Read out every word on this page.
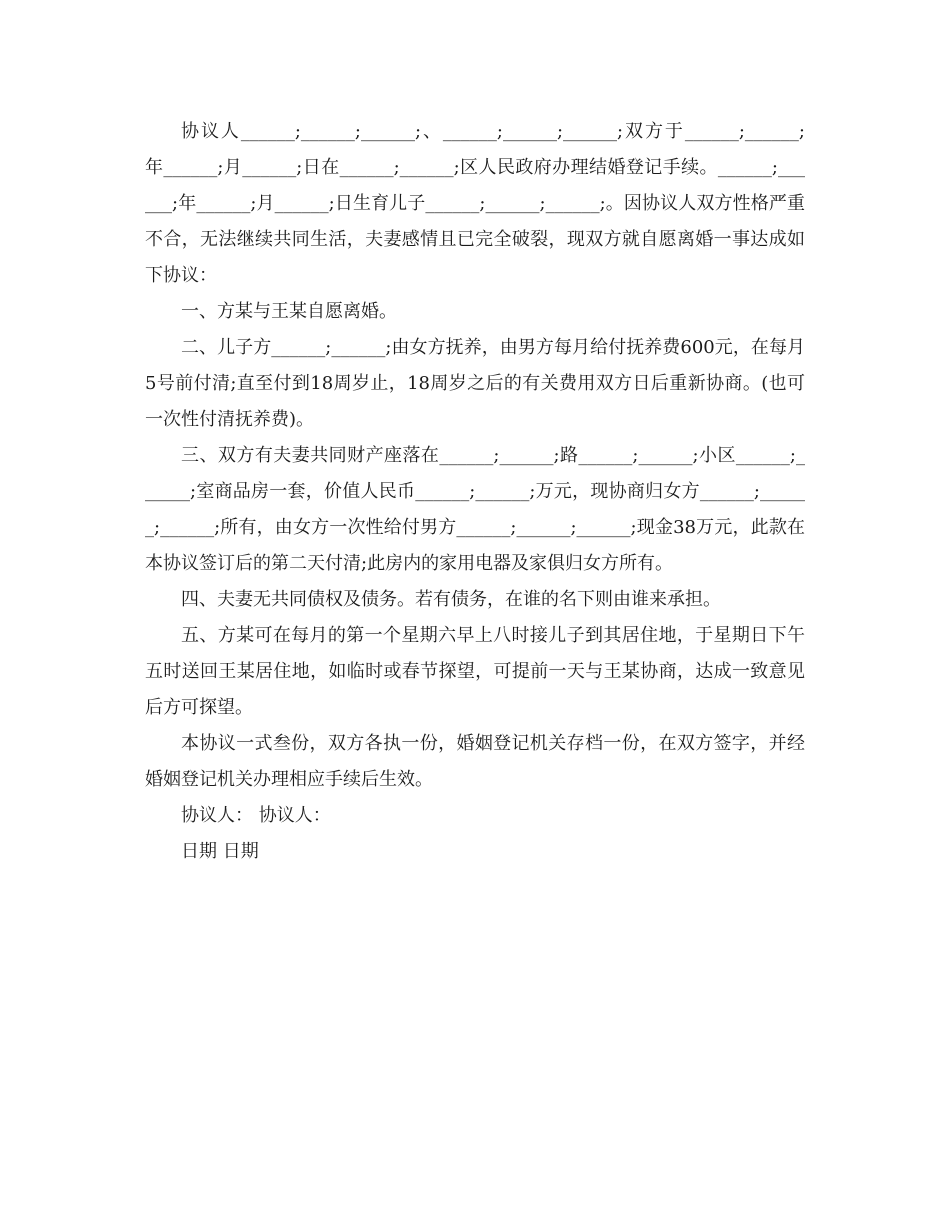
协议人______;______;______;、______;______;______;双方于______;______;年______;月______;日在______;______;区人民政府办理结婚登记手续。______;______;年______;月______;日生育儿子______;______;______;。因协议人双方性格严重不合，无法继续共同生活，夫妻感情且已完全破裂，现双方就自愿离婚一事达成如下协议：

一、方某与王某自愿离婚。

二、儿子方______;______;由女方抚养，由男方每月给付抚养费600元，在每月5号前付清;直至付到18周岁止，18周岁之后的有关费用双方日后重新协商。(也可一次性付清抚养费)。

三、双方有夫妻共同财产座落在______;______;路______;______;小区______;______;室商品房一套，价值人民币______;______;万元，现协商归女方______;______;______;所有，由女方一次性给付男方______;______;______;现金38万元，此款在本协议签订后的第二天付清;此房内的家用电器及家俱归女方所有。

四、夫妻无共同债权及债务。若有债务，在谁的名下则由谁来承担。

五、方某可在每月的第一个星期六早上八时接儿子到其居住地，于星期日下午五时送回王某居住地，如临时或春节探望，可提前一天与王某协商，达成一致意见后方可探望。

本协议一式叁份，双方各执一份，婚姻登记机关存档一份，在双方签字，并经婚姻登记机关办理相应手续后生效。

协议人： 协议人：

日期 日期
